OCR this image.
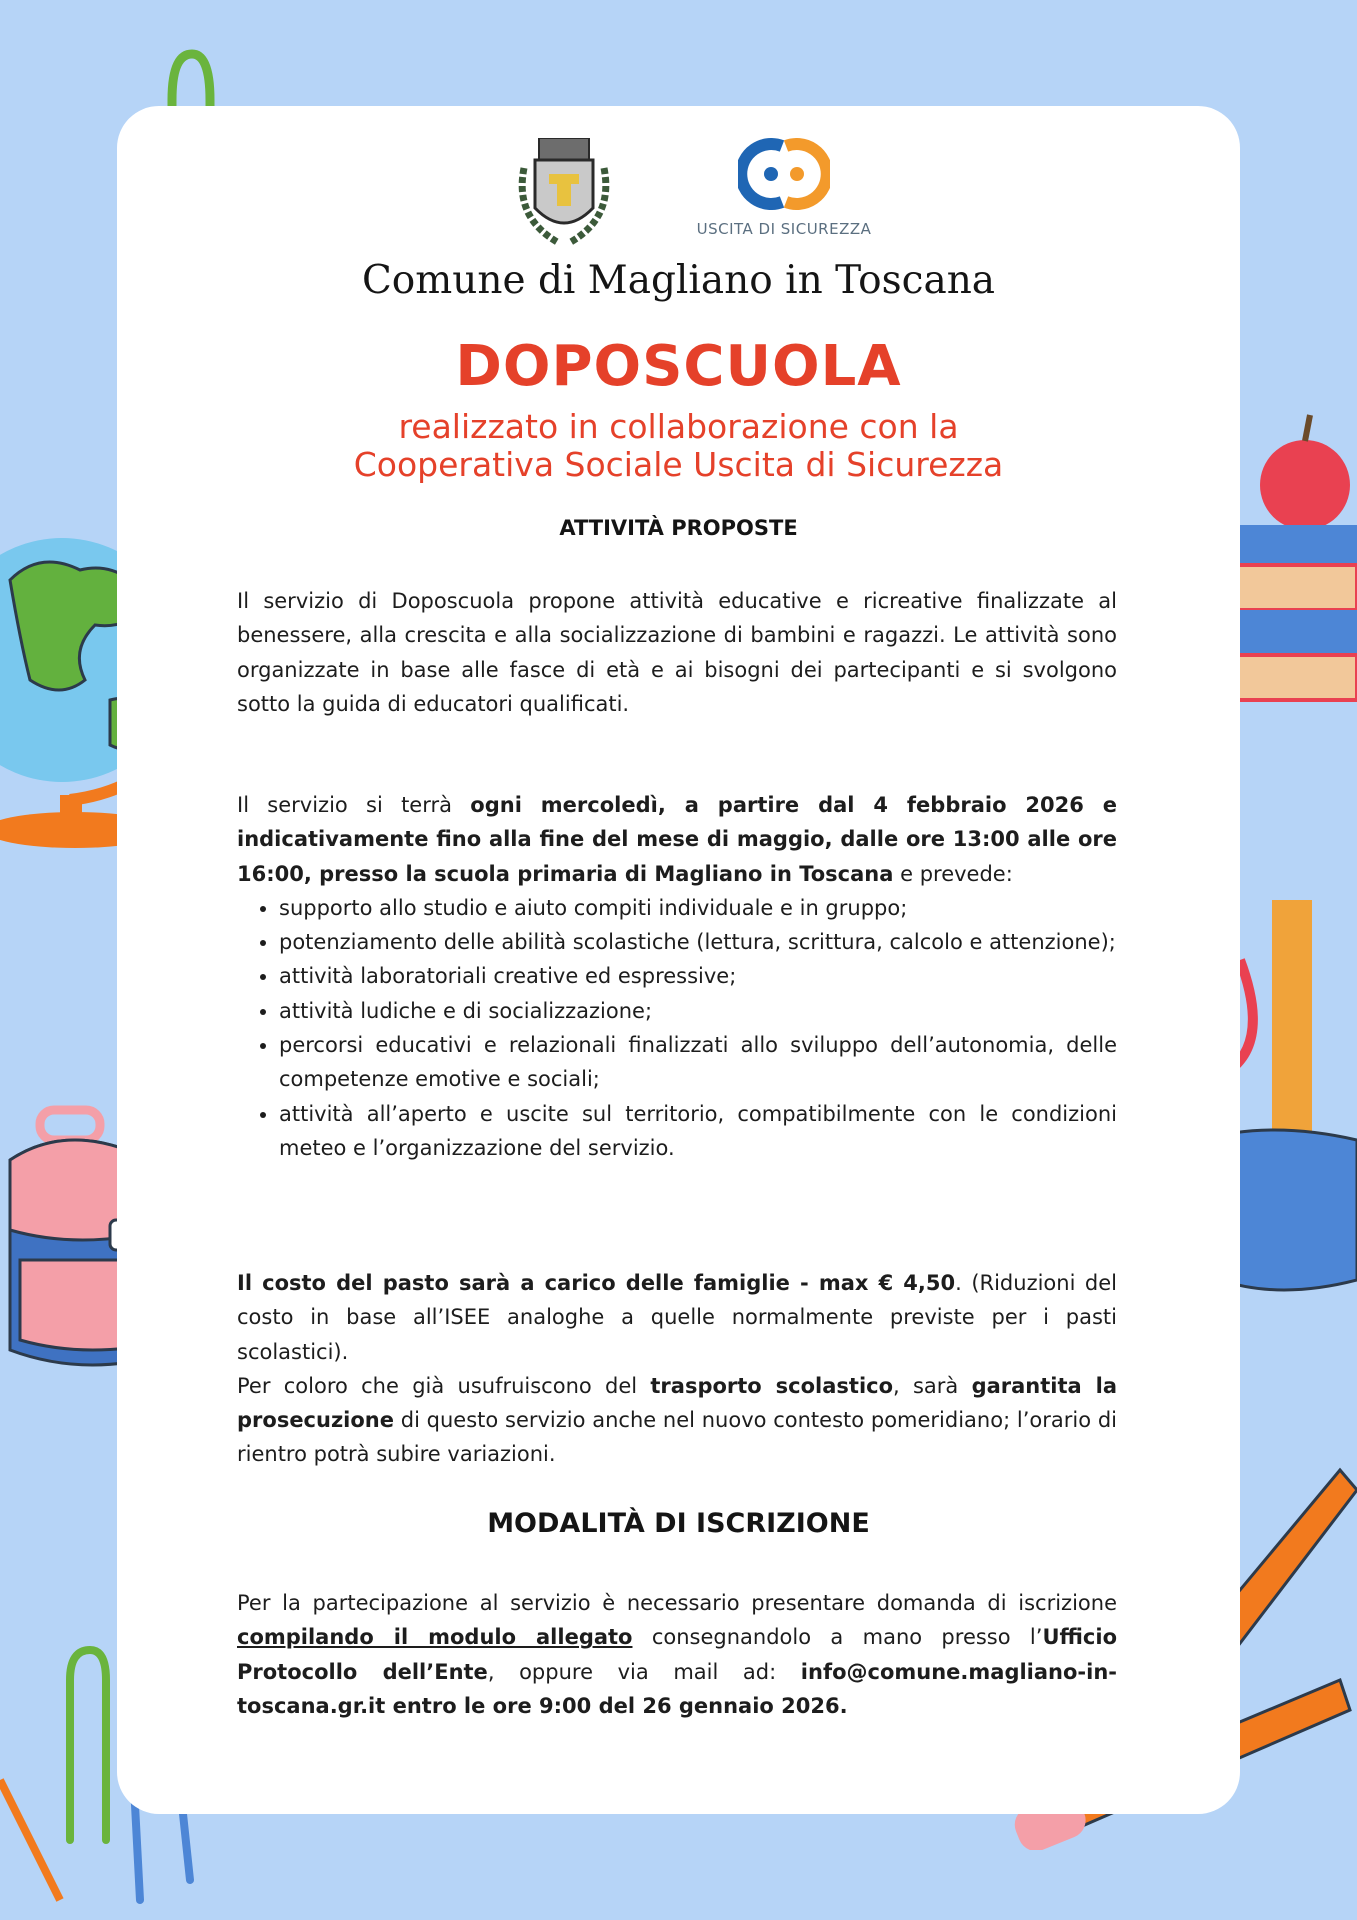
USCITA DI SICUREZZA
Comune di Magliano in Toscana
DOPOSCUOLA
realizzato in collaborazione con la
Cooperativa Sociale Uscita di Sicurezza
ATTIVITÀ PROPOSTE
Il servizio di Doposcuola propone attività educative e ricreative finalizzate al benessere, alla crescita e alla socializzazione di bambini e ragazzi. Le attività sono organizzate in base alle fasce di età e ai bisogni dei partecipanti e si svolgono sotto la guida di educatori qualificati.

Il servizio si terrà ogni mercoledì, a partire dal 4 febbraio 2026 e indicativamente fino alla fine del mese di maggio, dalle ore 13:00 alle ore 16:00, presso la scuola primaria di Magliano in Toscana e prevede:

• supporto allo studio e aiuto compiti individuale e in gruppo;
• potenziamento delle abilità scolastiche (lettura, scrittura, calcolo e attenzione);
• attività laboratoriali creative ed espressive;
• attività ludiche e di socializzazione;
• percorsi educativi e relazionali finalizzati allo sviluppo dell’autonomia, delle competenze emotive e sociali;
• attività all’aperto e uscite sul territorio, compatibilmente con le condizioni meteo e l’organizzazione del servizio.

Il costo del pasto sarà a carico delle famiglie - max € 4,50. (Riduzioni del costo in base all’ISEE analoghe a quelle normalmente previste per i pasti scolastici).

Per coloro che già usufruiscono del trasporto scolastico, sarà garantita la prosecuzione di questo servizio anche nel nuovo contesto pomeridiano; l’orario di rientro potrà subire variazioni.

MODALITÀ DI ISCRIZIONE

Per la partecipazione al servizio è necessario presentare domanda di iscrizione compilando il modulo allegato consegnandolo a mano presso l’Ufficio Protocollo dell’Ente, oppure via mail ad: info@comune.magliano-in-toscana.gr.it entro le ore 9:00 del 26 gennaio 2026.
